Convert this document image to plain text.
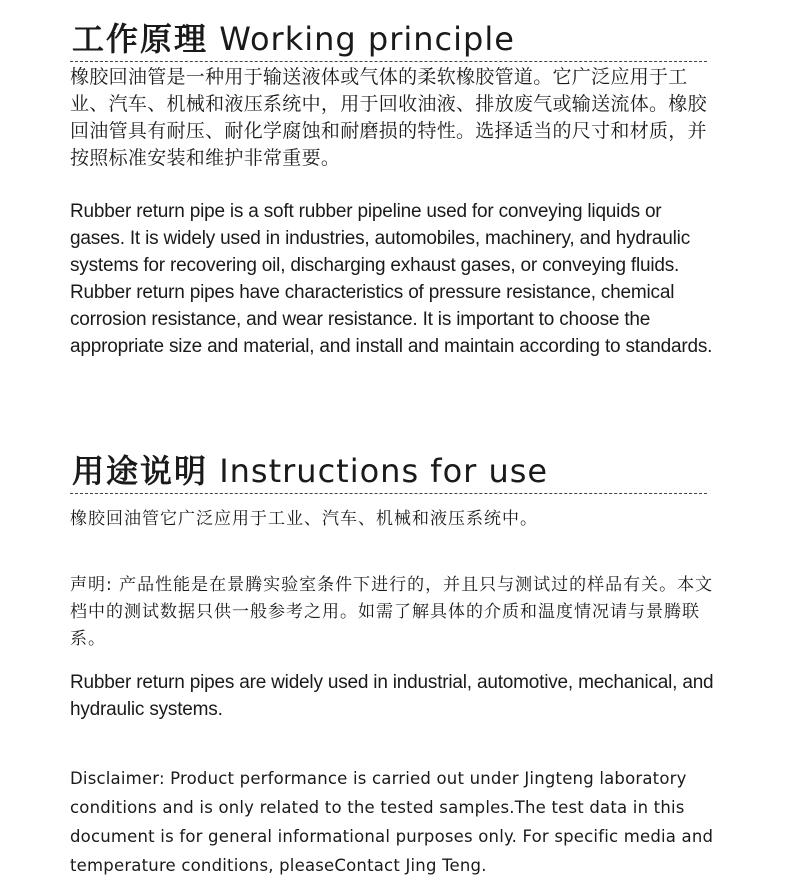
工作原理 Working principle

橡胶回油管是一种用于输送液体或气体的柔软橡胶管道。它广泛应用于工业、汽车、机械和液压系统中，用于回收油液、排放废气或输送流体。橡胶回油管具有耐压、耐化学腐蚀和耐磨损的特性。选择适当的尺寸和材质，并按照标准安装和维护非常重要。

Rubber return pipe is a soft rubber pipeline used for conveying liquids or gases. It is widely used in industries, automobiles, machinery, and hydraulic systems for recovering oil, discharging exhaust gases, or conveying fluids. Rubber return pipes have characteristics of pressure resistance, chemical corrosion resistance, and wear resistance. It is important to choose the appropriate size and material, and install and maintain according to standards.

用途说明 Instructions for use

橡胶回油管它广泛应用于工业、汽车、机械和液压系统中。

声明: 产品性能是在景腾实验室条件下进行的，并且只与测试过的样品有关。本文档中的测试数据只供一般参考之用。如需了解具体的介质和温度情况请与景腾联系。

Rubber return pipes are widely used in industrial, automotive, mechanical, and hydraulic systems.

Disclaimer: Product performance is carried out under Jingteng laboratory conditions and is only related to the tested samples.The test data in this document is for general informational purposes only. For specific media and temperature conditions, pleaseContact Jing Teng.
